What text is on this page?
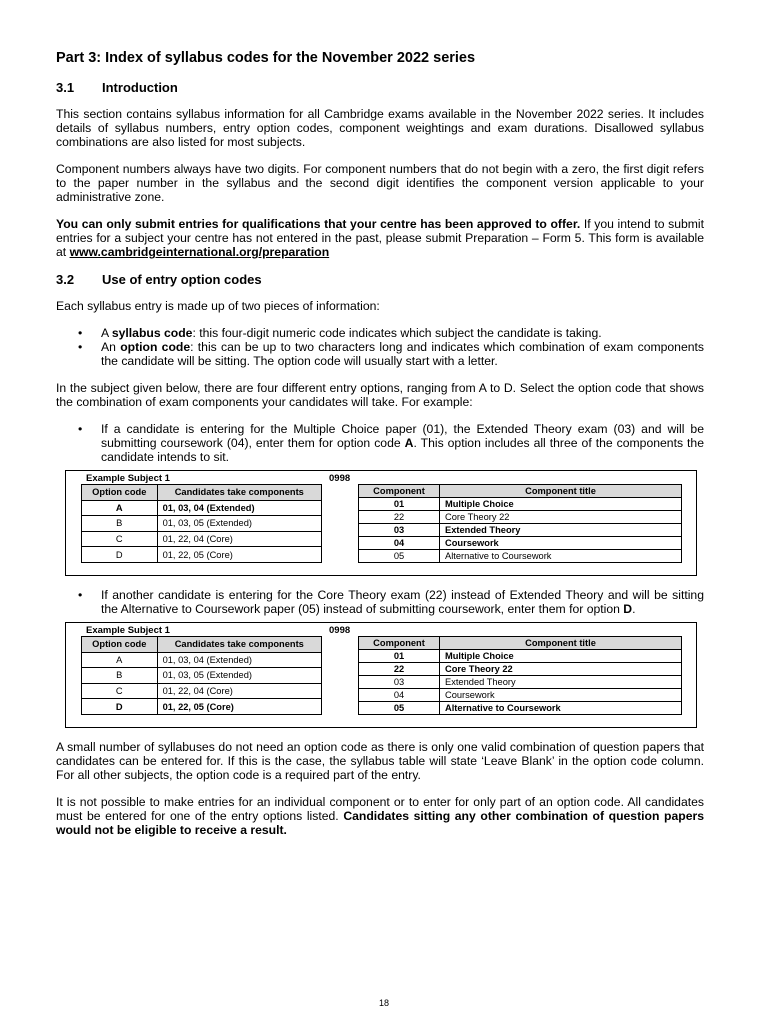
Part 3: Index of syllabus codes for the November 2022 series
3.1	Introduction

This section contains syllabus information for all Cambridge exams available in the November 2022 series. It includes details of syllabus numbers, entry option codes, component weightings and exam durations. Disallowed syllabus combinations are also listed for most subjects.

Component numbers always have two digits. For component numbers that do not begin with a zero, the first digit refers to the paper number in the syllabus and the second digit identifies the component version applicable to your administrative zone.

You can only submit entries for qualifications that your centre has been approved to offer. If you intend to submit entries for a subject your centre has not entered in the past, please submit Preparation – Form 5. This form is available at www.cambridgeinternational.org/preparation

3.2	Use of entry option codes

Each syllabus entry is made up of two pieces of information:

• A syllabus code: this four-digit numeric code indicates which subject the candidate is taking.
• An option code: this can be up to two characters long and indicates which combination of exam components the candidate will be sitting. The option code will usually start with a letter.

In the subject given below, there are four different entry options, ranging from A to D. Select the option code that shows the combination of exam components your candidates will take. For example:

• If a candidate is entering for the Multiple Choice paper (01), the Extended Theory exam (03) and will be submitting coursework (04), enter them for option code A. This option includes all three of the components the candidate intends to sit.
Example Subject 1	0998
Option code	Candidates take components
A	01, 03, 04 (Extended)
B	01, 03, 05 (Extended)
C	01, 22, 04 (Core)
D	01, 22, 05 (Core)
Component	Component title
01	Multiple Choice
22	Core Theory 22
03	Extended Theory
04	Coursework
05	Alternative to Coursework
• If another candidate is entering for the Core Theory exam (22) instead of Extended Theory and will be sitting the Alternative to Coursework paper (05) instead of submitting coursework, enter them for option D.
Example Subject 1	0998
Option code	Candidates take components
A	01, 03, 04 (Extended)
B	01, 03, 05 (Extended)
C	01, 22, 04 (Core)
D	01, 22, 05 (Core)
Component	Component title
01	Multiple Choice
22	Core Theory 22
03	Extended Theory
04	Coursework
05	Alternative to Coursework

A small number of syllabuses do not need an option code as there is only one valid combination of question papers that candidates can be entered for. If this is the case, the syllabus table will state ‘Leave Blank’ in the option code column. For all other subjects, the option code is a required part of the entry.

It is not possible to make entries for an individual component or to enter for only part of an option code. All candidates must be entered for one of the entry options listed. Candidates sitting any other combination of question papers would not be eligible to receive a result.

18
